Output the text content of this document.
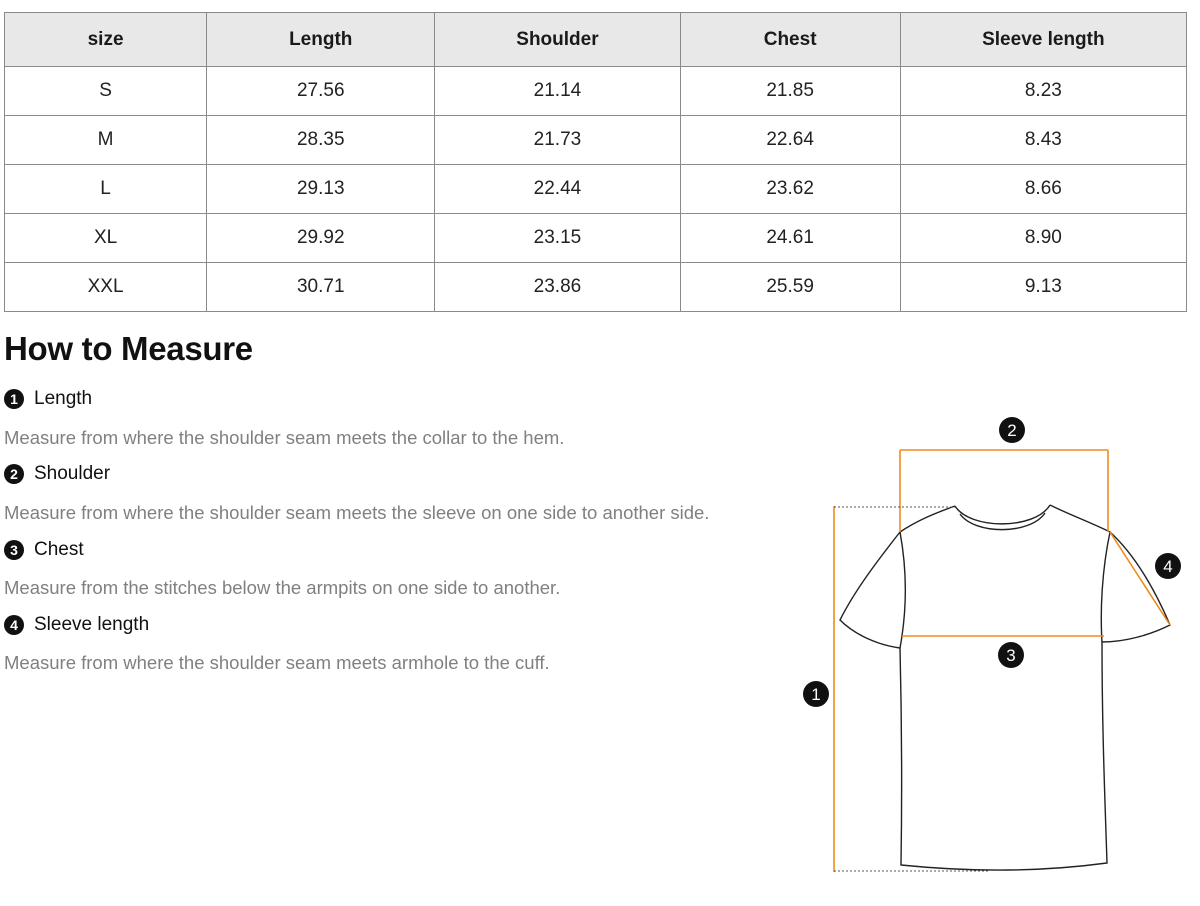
size	Length	Shoulder	Chest	Sleeve length
S	27.56	21.14	21.85	8.23
M	28.35	21.73	22.64	8.43
L	29.13	22.44	23.62	8.66
XL	29.92	23.15	24.61	8.90
XXL	30.71	23.86	25.59	9.13
How to Measure
1 Length

Measure from where the shoulder seam meets the collar to the hem.

2 Shoulder

Measure from where the shoulder seam meets the sleeve on one side to another side.

3 Chest

Measure from the stitches below the armpits on one side to another.

4 Sleeve length

Measure from where the shoulder seam meets armhole to the cuff.

1
2
3
4
